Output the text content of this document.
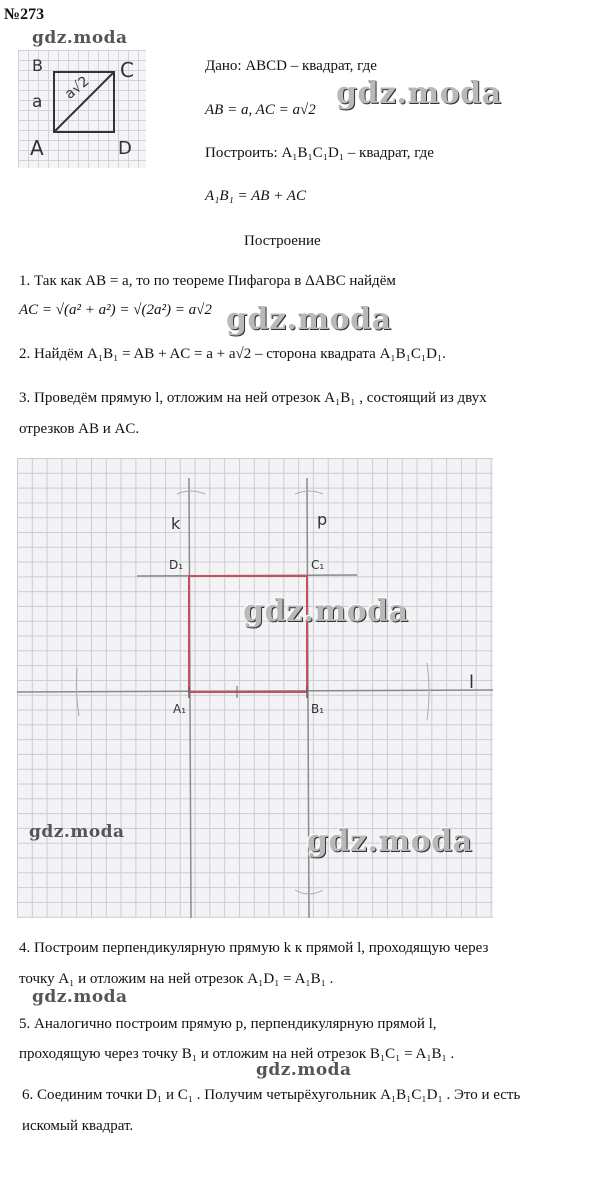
№273
gdz.moda
B	C
a a√2
A	D
Дано: ABCD – квадрат, где
AB = a, AC = a√2 gdz.moda
Построить: A₁B₁C₁D₁ – квадрат, где
A₁B₁ = AB + AC
Построение
1. Так как AB = a, то по теореме Пифагора в ΔABC найдём
AC = √(a² + a²) = √(2a²) = a√2 gdz.moda
2. Найдём A₁B₁ = AB + AC = a + a√2 – сторона квадрата A₁B₁C₁D₁.
3. Проведём прямую l, отложим на ней отрезок A₁B₁ , состоящий из двух
отрезков AB и AC.
k	p
l
D₁	C₁
A₁	B₁
gdz.moda
gdz.moda	gdz.moda
4. Построим перпендикулярную прямую k к прямой l, проходящую через
точку A₁ и отложим на ней отрезок A₁D₁ = A₁B₁ .
gdz.moda
5. Аналогично построим прямую p, перпендикулярную прямой l,
проходящую через точку B₁ и отложим на ней отрезок B₁C₁ = A₁B₁ .
gdz.moda
6. Соединим точки D₁ и C₁ . Получим четырёхугольник A₁B₁C₁D₁ . Это и есть
искомый квадрат.
